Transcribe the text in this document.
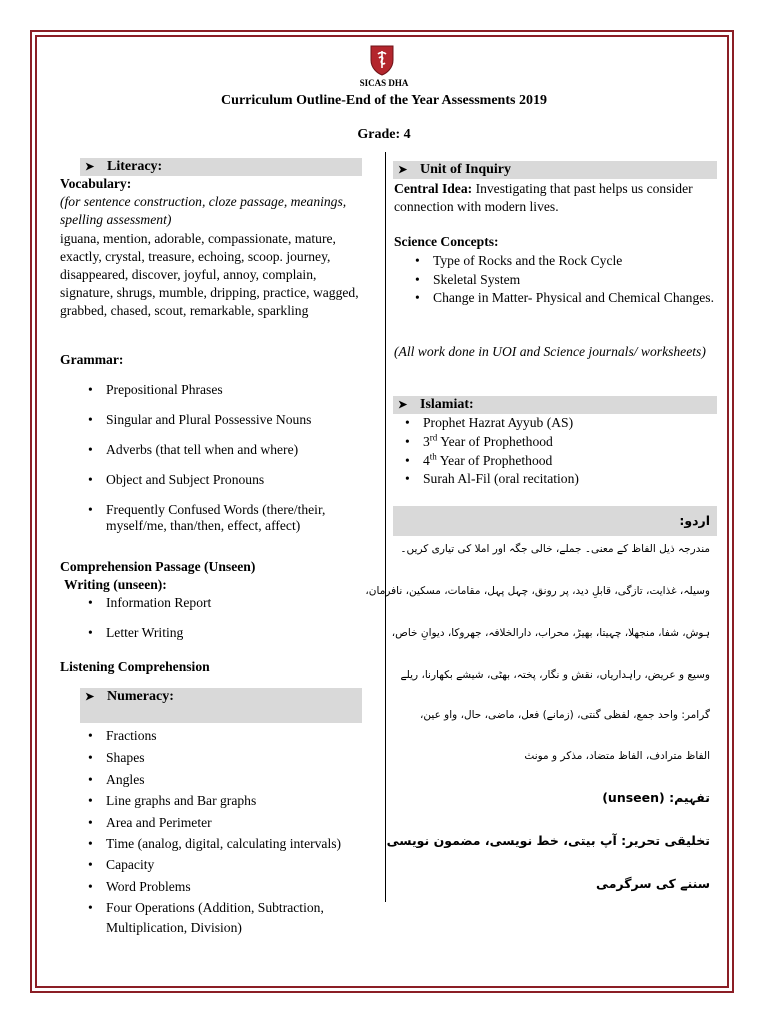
SICAS DHA
Curriculum Outline-End of the Year Assessments 2019
Grade: 4
➤ Literacy:
Vocabulary:
(for sentence construction, cloze passage, meanings, spelling assessment)
iguana, mention, adorable, compassionate, mature, exactly, crystal, treasure, echoing, scoop. journey, disappeared, discover, joyful, annoy, complain, signature, shrugs, mumble, dripping, practice, wagged, grabbed, chased, scout, remarkable, sparkling
Grammar:
• Prepositional Phrases
• Singular and Plural Possessive Nouns
• Adverbs (that tell when and where)
• Object and Subject Pronouns
• Frequently Confused Words (there/their, myself/me, than/then, effect, affect)
Comprehension Passage (Unseen)
Writing (unseen):
• Information Report
• Letter Writing
Listening Comprehension
➤ Numeracy:
• Fractions
• Shapes
• Angles
• Line graphs and Bar graphs
• Area and Perimeter
• Time (analog, digital, calculating intervals)
• Capacity
• Word Problems
• Four Operations (Addition, Subtraction, Multiplication, Division)
➤ Unit of Inquiry
Central Idea: Investigating that past helps us consider connection with modern lives.
Science Concepts:
• Type of Rocks and the Rock Cycle
• Skeletal System
• Change in Matter- Physical and Chemical Changes.
(All work done in UOI and Science journals/ worksheets)
➤ Islamiat:
• Prophet Hazrat Ayyub (AS)
• 3rd Year of Prophethood
• 4th Year of Prophethood
• Surah Al-Fil (oral recitation)
اردو:
مندرجہ ذیل الفاظ کے معنی۔ جملے، خالی جگہ اور املا کی تیاری کریں۔
وسیلہ، غذایت، تازگی، قابلِ دید، پر رونق، چہل پہل، مقامات، مسکین، نافرمان،
ہوش، شفا، منجھلا، چہیتا، بھیڑ، محراب، دارالخلافہ، جھروکا، دیوانِ خاص،
وسیع و عریض، راہداریاں، نقش و نگار، پختہ، بھٹی، شیشے بکھارنا، ریلے
گرامر: واحد جمع، لفظی گنتی، (زمانے) فعل، ماضی، حال، واو عین،
الفاظ مترادف، الفاظ متضاد، مذکر و مونث
تفہیم: (unseen)
تخلیقی تحریر: آپ بیتی، خط نویسی، مضمون نویسی
سننے کی سرگرمی
